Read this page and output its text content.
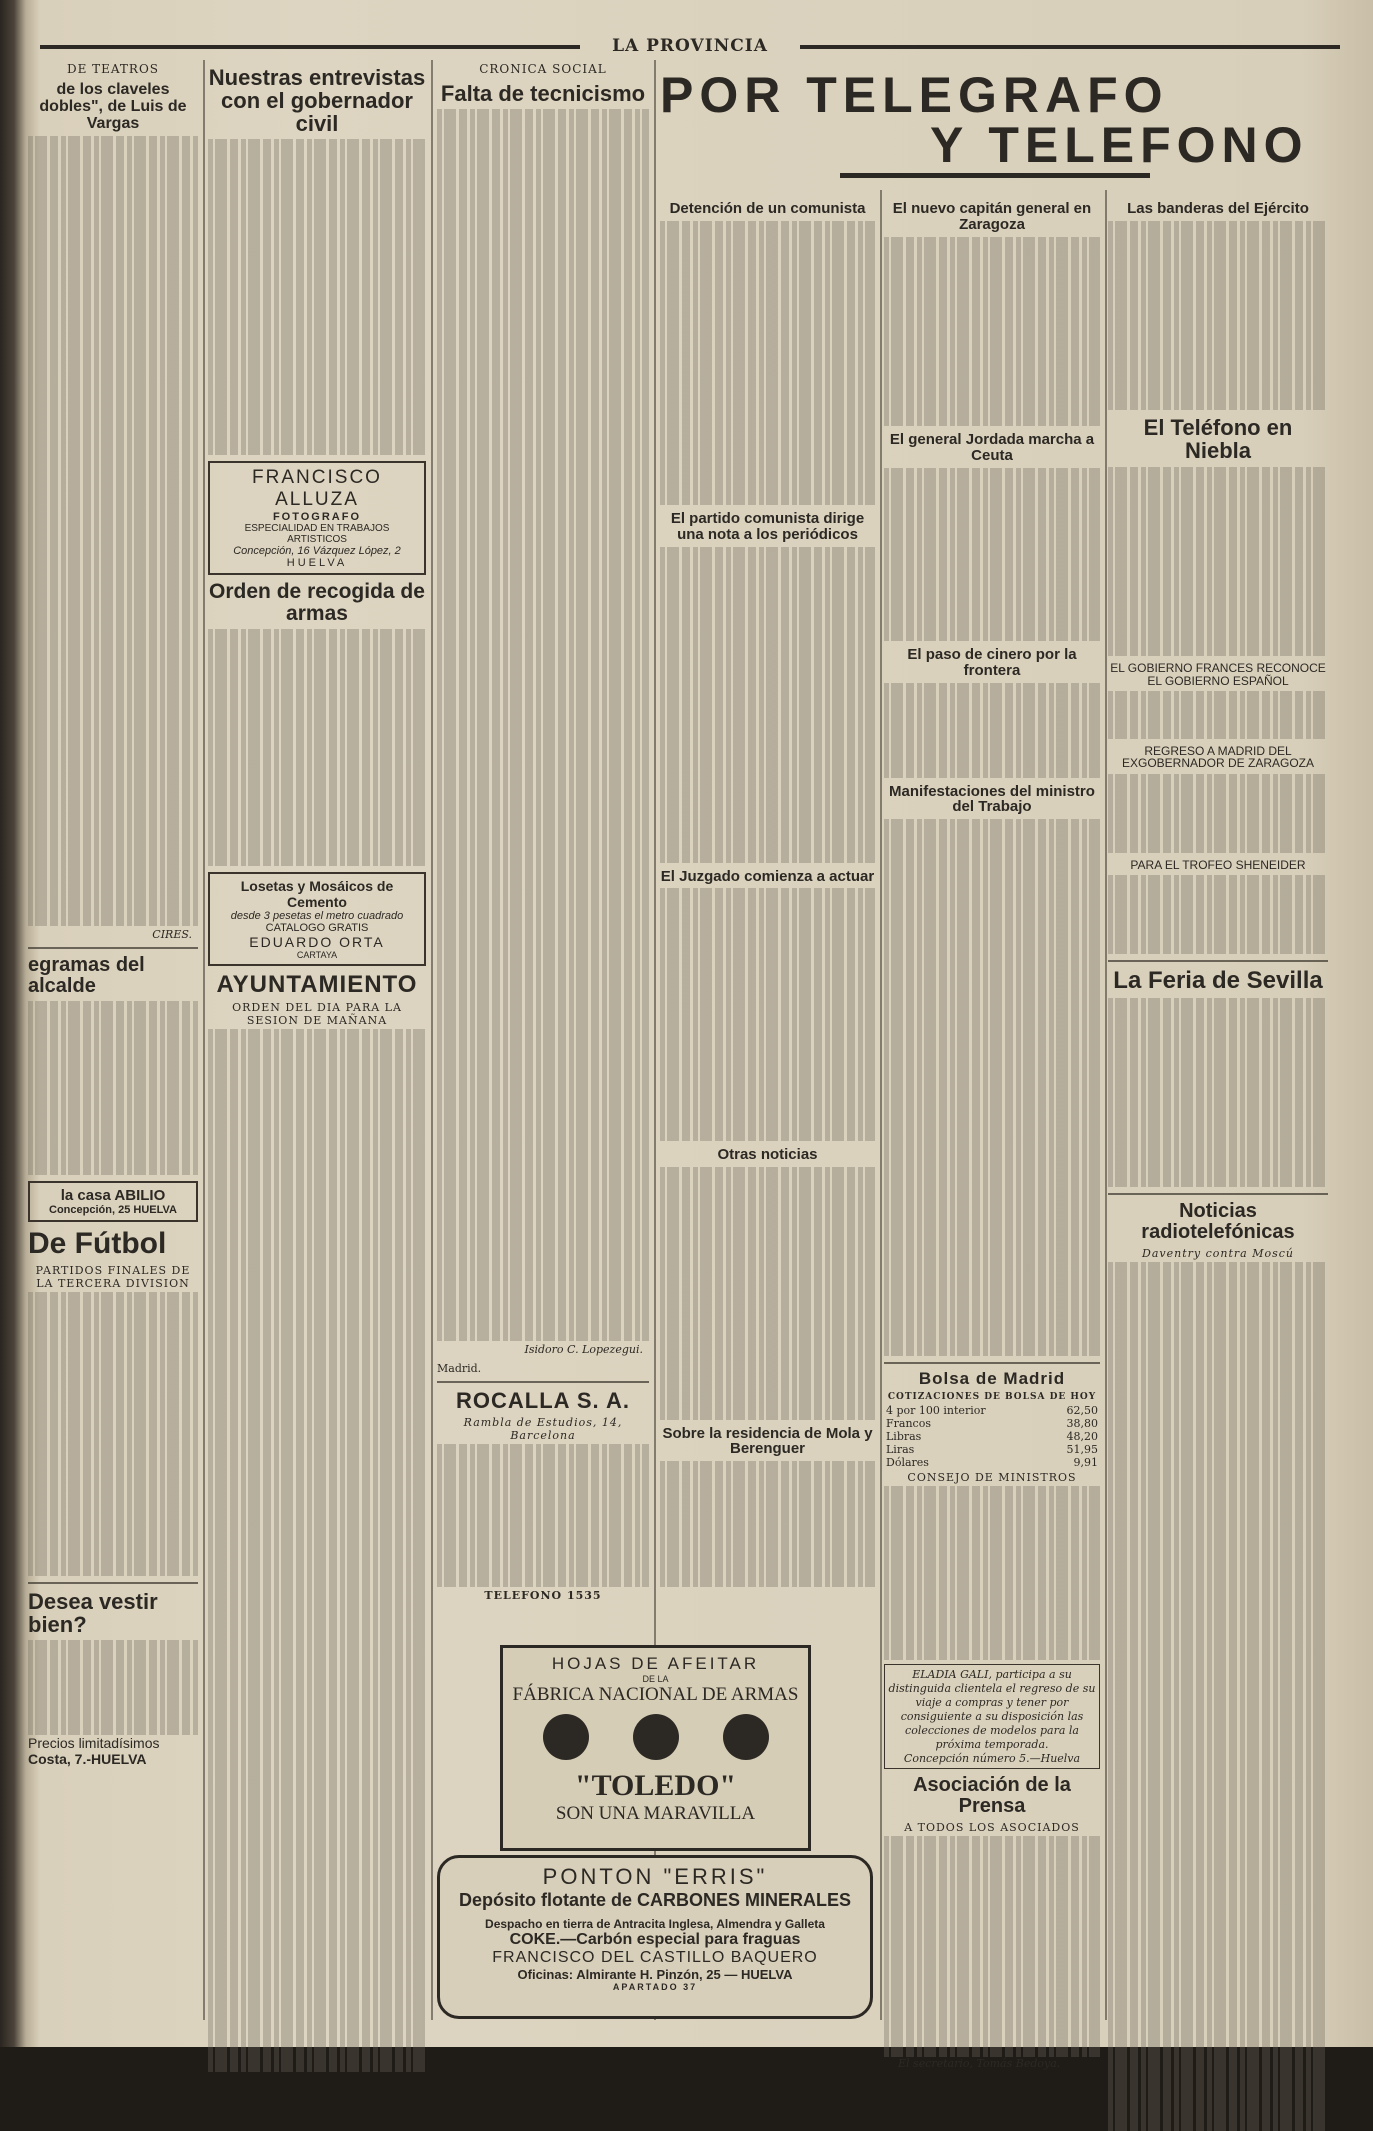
LA PROVINCIA
DE TEATROS
de los claveles dobles", de Luis de Vargas
CIRES.
egramas del alcalde
la casa ABILIO
Concepción, 25 HUELVA
De Fútbol
PARTIDOS FINALES DE LA TERCERA DIVISION
Desea vestir bien?
Precios limitadísimos
Costa, 7.-HUELVA
Nuestras entrevistas con el gobernador civil
FRANCISCO ALLUZA
FOTOGRAFO
ESPECIALIDAD EN TRABAJOS ARTISTICOS
Concepción, 16 Vázquez López, 2
HUELVA
Orden de recogida de armas
Losetas y Mosáicos de Cemento
desde 3 pesetas el metro cuadrado
CATALOGO GRATIS
EDUARDO ORTA
CARTAYA
AYUNTAMIENTO
ORDEN DEL DIA PARA LA SESION DE MAÑANA
CRONICA SOCIAL
Falta de tecnicismo
Isidoro C. Lopezegui.
Madrid.
ROCALLA S. A.
Rambla de Estudios, 14, Barcelona
TELEFONO 1535
POR TELEGRAFO
Y TELEFONO
Detención de un comunista
El partido comunista dirige una nota a los periódicos
El Juzgado comienza a actuar
Otras noticias
Sobre la residencia de Mola y Berenguer
El nuevo capitán general en Zaragoza
El general Jordada marcha a Ceuta
El paso de cinero por la frontera
Manifestaciones del ministro del Trabajo
Bolsa de Madrid
COTIZACIONES DE BOLSA DE HOY
4 por 100 interior	62,50
Francos	38,80
Libras	48,20
Liras	51,95
Dólares	9,91
CONSEJO DE MINISTROS
ELADIA GALI, participa a su distinguida clientela el regreso de su viaje a compras y tener por consiguiente a su disposición las colecciones de modelos para la próxima temporada.
Concepción número 5.—Huelva
Asociación de la Prensa
A TODOS LOS ASOCIADOS
El secretario, Tomás Bedoya.
Las banderas del Ejército
El Teléfono en Niebla
EL GOBIERNO FRANCES RECONOCE EL GOBIERNO ESPAÑOL
REGRESO A MADRID DEL EXGOBERNADOR DE ZARAGOZA
PARA EL TROFEO SHENEIDER
La Feria de Sevilla
Noticias radiotelefónicas
Daventry contra Moscú
HOJAS DE AFEITAR
DE LA
FÁBRICA NACIONAL DE ARMAS
"TOLEDO"
SON UNA MARAVILLA
PONTON "ERRIS"
Depósito flotante de CARBONES MINERALES
Despacho en tierra de Antracita Inglesa, Almendra y Galleta
COKE.—Carbón especial para fraguas
FRANCISCO DEL CASTILLO BAQUERO
Oficinas: Almirante H. Pinzón, 25 — HUELVA
APARTADO 37
